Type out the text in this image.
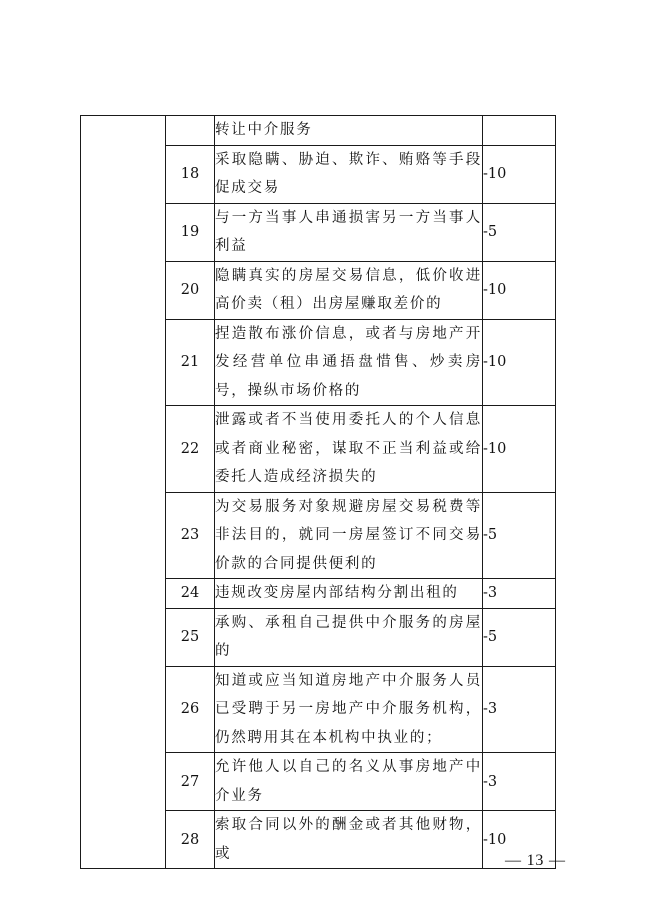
		转让中介服务	
	18	采取隐瞒、胁迫、欺诈、贿赂等手段促成交易	-10
	19	与一方当事人串通损害另一方当事人利益	-5
	20	隐瞒真实的房屋交易信息，低价收进高价卖（租）出房屋赚取差价的	-10
	21	捏造散布涨价信息，或者与房地产开发经营单位串通捂盘惜售、炒卖房号，操纵市场价格的	-10
	22	泄露或者不当使用委托人的个人信息或者商业秘密，谋取不正当利益或给委托人造成经济损失的	-10
	23	为交易服务对象规避房屋交易税费等非法目的，就同一房屋签订不同交易价款的合同提供便利的	-5
	24	违规改变房屋内部结构分割出租的	-3
	25	承购、承租自己提供中介服务的房屋的	-5
	26	知道或应当知道房地产中介服务人员已受聘于另一房地产中介服务机构，仍然聘用其在本机构中执业的；	-3
	27	允许他人以自己的名义从事房地产中介业务	-3
	28	索取合同以外的酬金或者其他财物，或	-10
— 13 —
